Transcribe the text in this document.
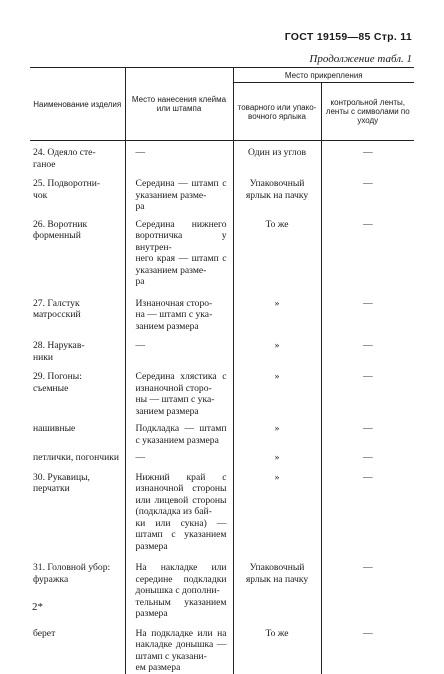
ГОСТ 19159—85 Стр. 11
Продолжение табл. 1
Наименование изделия	Место нанесения клейма или штампа	Место прикрепления	
		товарного или упако-вочного ярлыка	контрольной ленты, ленты с символами по уходу
24. Одеяло сте-
ганое	—	Один из углов	—
25. Подворотни-
чок	Середина — штамп с указанием разме-
ра	Упаковочный ярлык на пачку	—
26. Воротник форменный	Середина нижнего воротничка у внутрен-
него края — штамп с указанием разме-
ра	То же	—
27. Галстук матросский	Изнаночная сторо-
на — штамп с ука-
занием размера	»	—
28. Нарукав-
ники	—	»	—
29. Погоны:
съемные	Середина хлястика с изнаночной сторо-
ны — штамп с ука-
занием размера	»	—
нашивные	Подкладка — штамп с указанием размера	»	—
петлички, погончики	—	»	—
30. Рукавицы, перчатки	Нижний край с изнаночной стороны или лицевой стороны (подкладка из бай-
ки или сукна) — штамп с указанием размера	»	—
31. Головной убор:
фуражка	На накладке или середине подкладки донышка с дополни-
тельным указанием размера	Упаковочный ярлык на пачку	—
берет	На подкладке или на накладке донышка — штамп с указани-
ем размера	То же	—
2*
